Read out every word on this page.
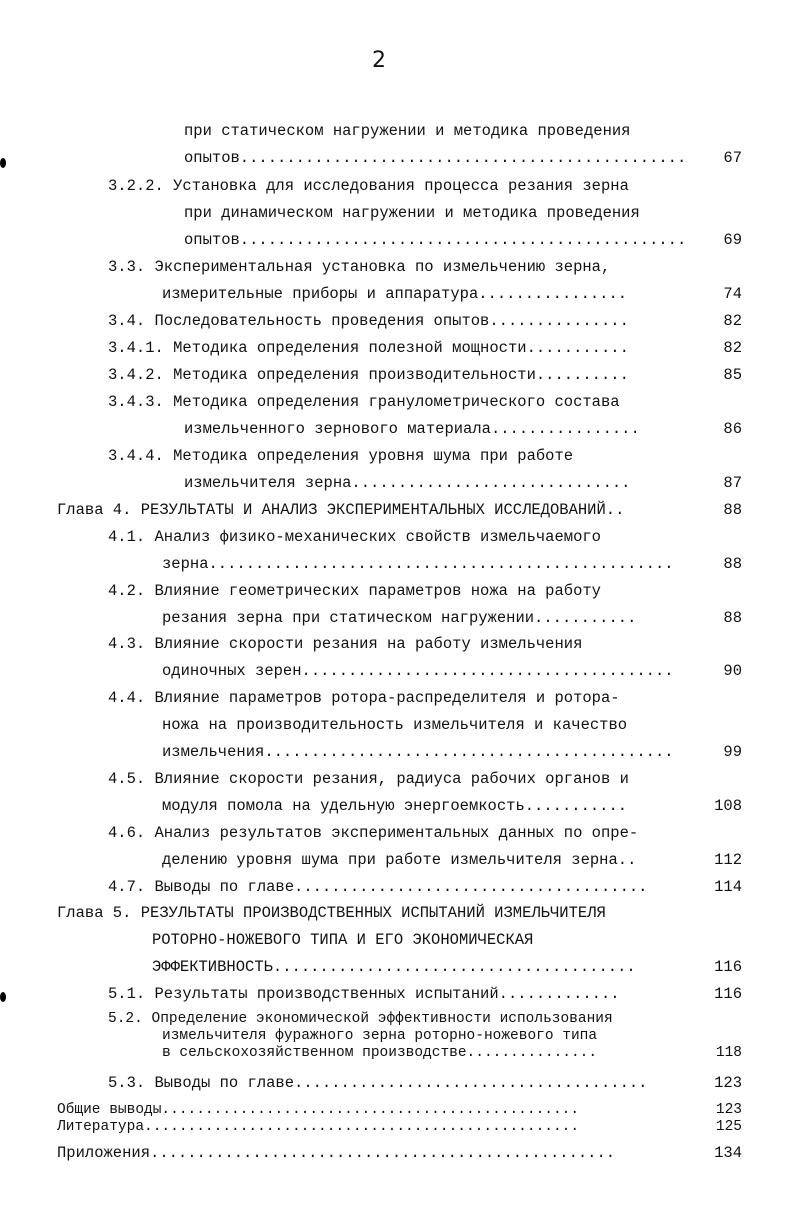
2
при статическом нагружении и методика проведения
опытов................................................	67
3.2.2. Установка для исследования процесса резания зерна
при динамическом нагружении и методика проведения
опытов................................................	69
3.3. Экспериментальная установка по измельчению зерна,
измерительные приборы и аппаратура................	74
3.4. Последовательность проведения опытов...............	82
3.4.1. Методика определения полезной мощности...........	82
3.4.2. Методика определения производительности..........	85
3.4.3. Методика определения гранулометрического состава
измельченного зернового материала................	86
3.4.4. Методика определения уровня шума при работе
измельчителя зерна..............................	87
Глава 4. РЕЗУЛЬТАТЫ И АНАЛИЗ ЭКСПЕРИМЕНТАЛЬНЫХ ИССЛЕДОВАНИЙ..	88
4.1. Анализ физико-механических свойств измельчаемого
зерна..................................................	88
4.2. Влияние геометрических параметров ножа на работу
резания зерна при статическом нагружении...........	88
4.3. Влияние скорости резания на работу измельчения
одиночных зерен........................................	90
4.4. Влияние параметров ротора-распределителя и ротора-
ножа на производительность измельчителя и качество
измельчения............................................	99
4.5. Влияние скорости резания, радиуса рабочих органов и
модуля помола на удельную энергоемкость...........	108
4.6. Анализ результатов экспериментальных данных по опре-
делению уровня шума при работе измельчителя зерна..	112
4.7. Выводы по главе......................................	114
Глава 5. РЕЗУЛЬТАТЫ ПРОИЗВОДСТВЕННЫХ ИСПЫТАНИЙ ИЗМЕЛЬЧИТЕЛЯ
РОТОРНО-НОЖЕВОГО ТИПА И ЕГО ЭКОНОМИЧЕСКАЯ
ЭФФЕКТИВНОСТЬ.......................................	116
5.1. Результаты производственных испытаний.............	116
5.2. Определение экономической эффективности использования
измельчителя фуражного зерна роторно-ножевого типа
в сельскохозяйственном производстве...............	118
5.3. Выводы по главе......................................	123
Общие выводы................................................	123
Литература..................................................	125
Приложения..................................................	134
